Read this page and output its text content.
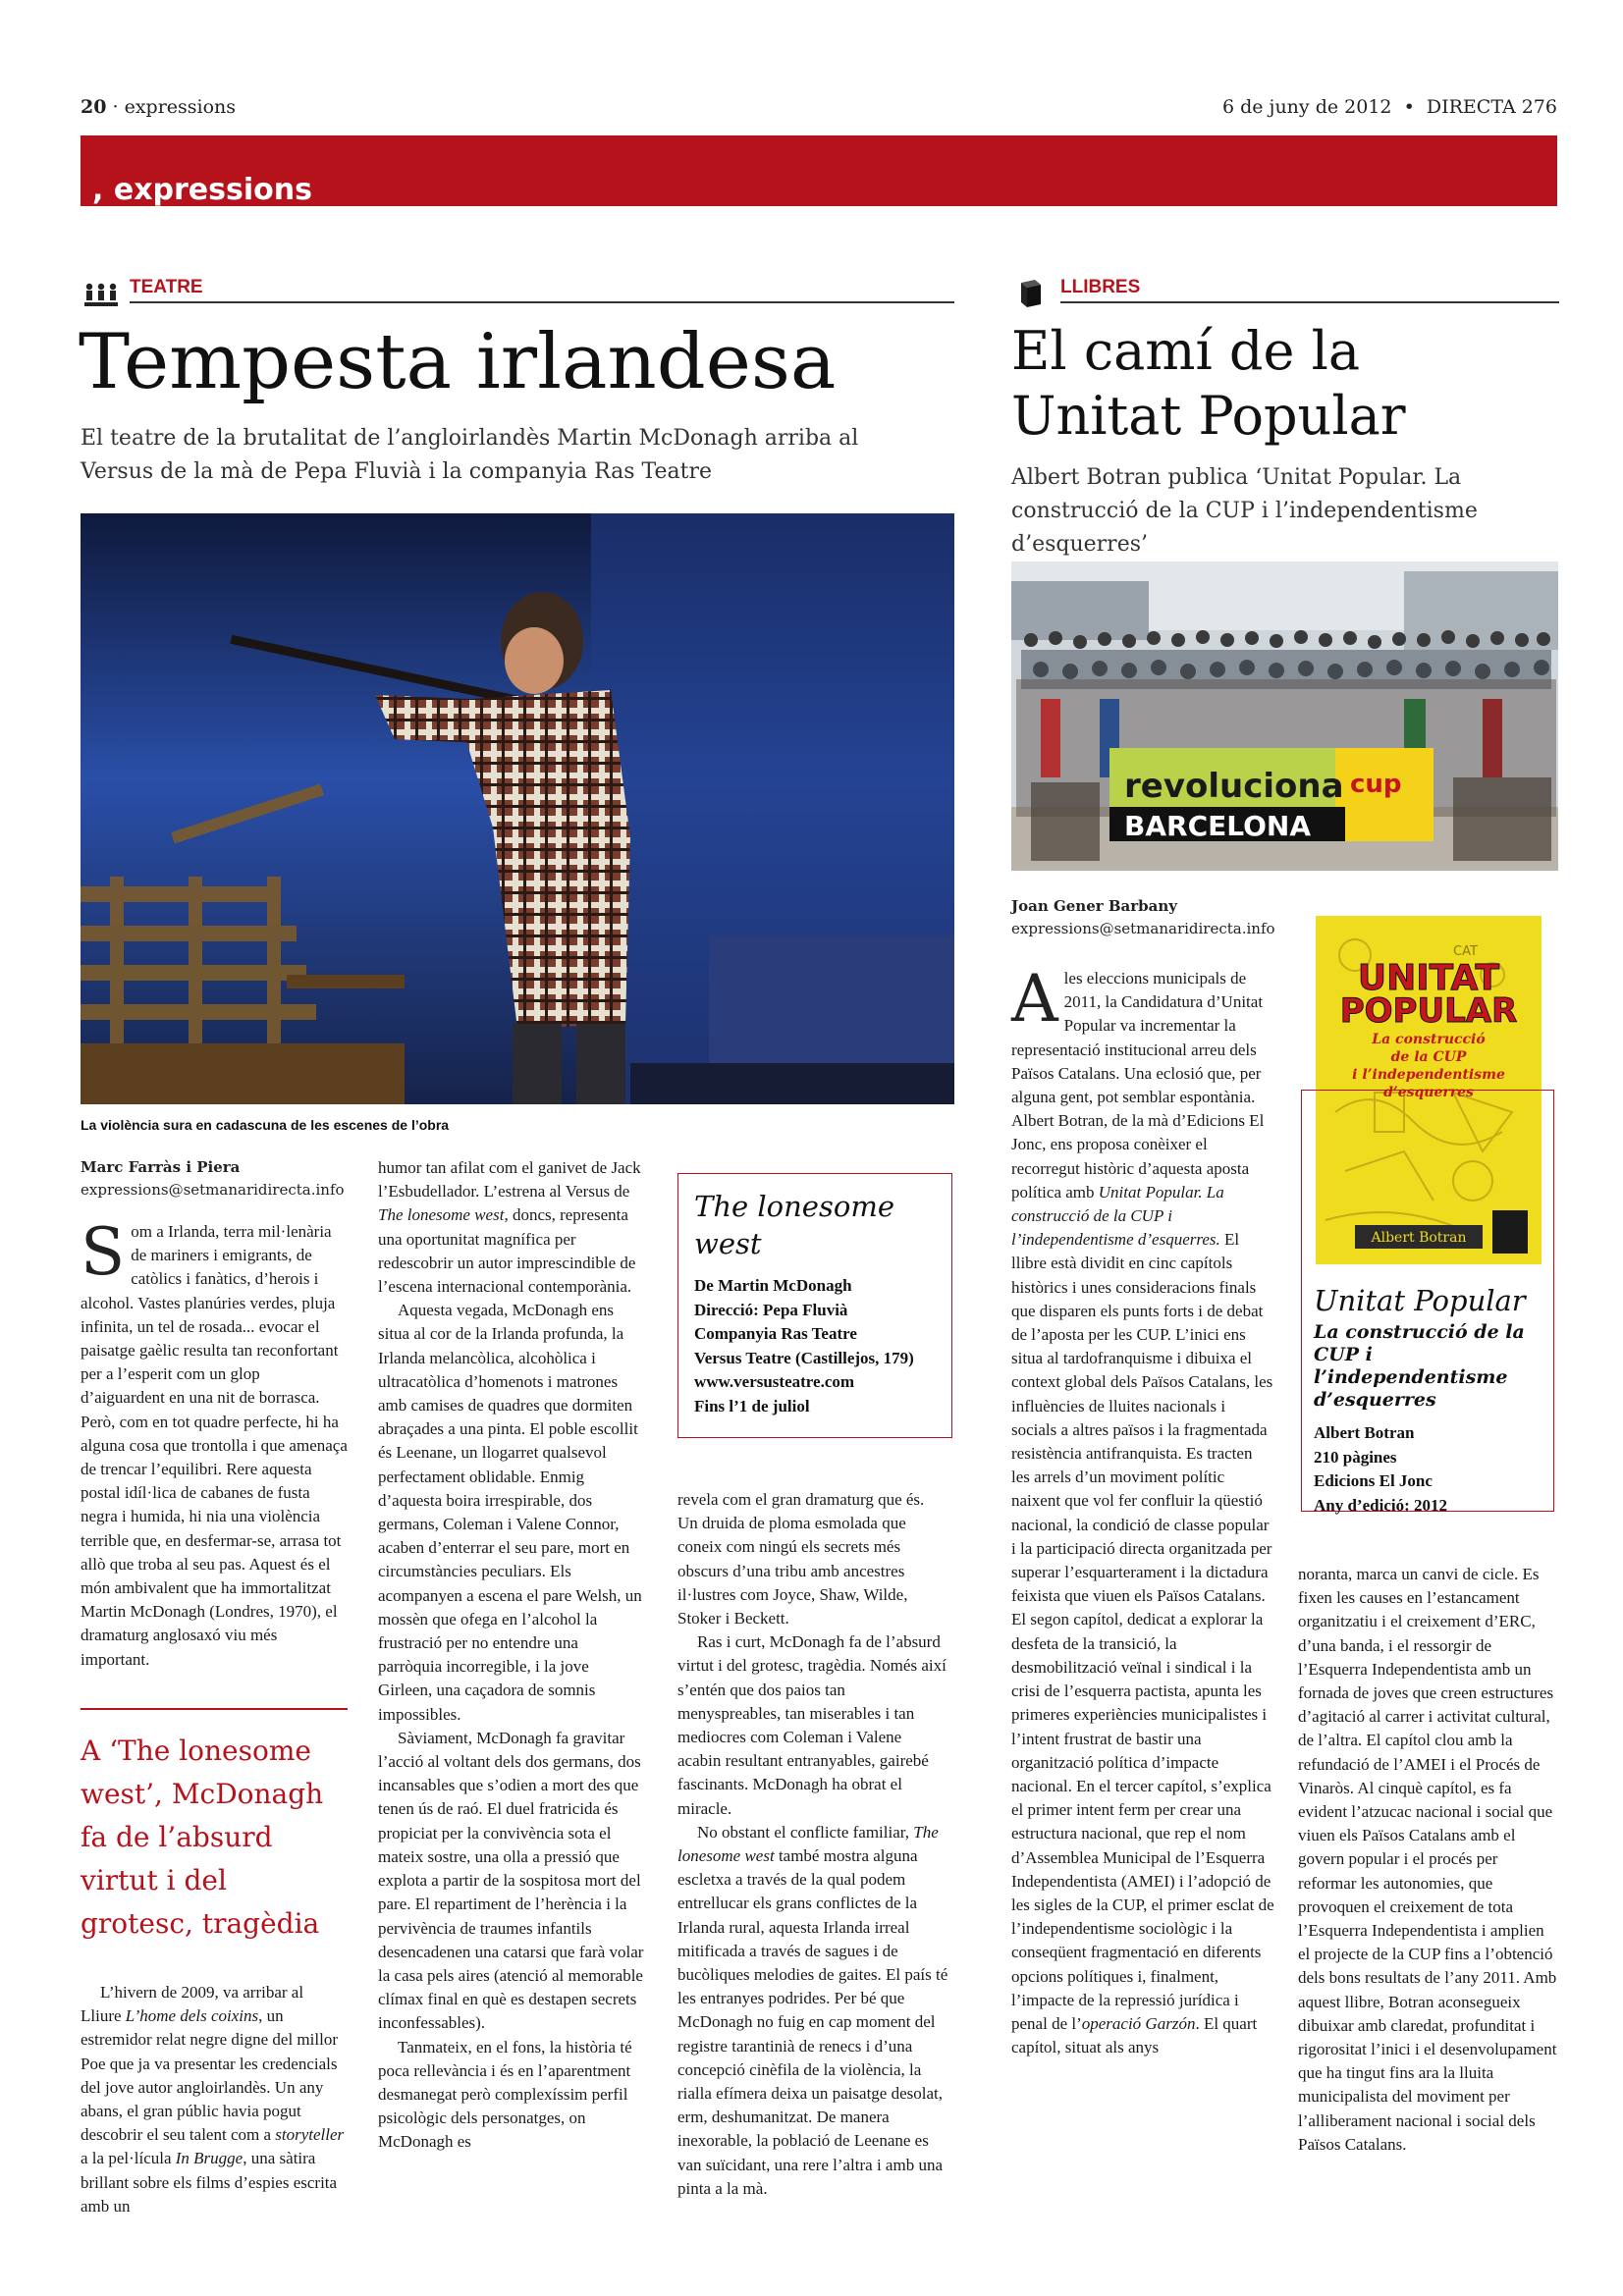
20 · expressions	6 de juny de 2012  •  DIRECTA 276
, expressions
TEATRE
Tempesta irlandesa

El teatre de la brutalitat de l’angloirlandès Martin McDonagh arriba al Versus de la mà de Pepa Fluvià i la companyia Ras Teatre

La violència sura en cadascuna de les escenes de l’obra
Marc Farràs i Piera
expressions@setmanaridirecta.info
Som a Irlanda, terra mil·lenària de mariners i emigrants, de catòlics i fanàtics, d’herois i alcohol. Vastes planúries verdes, pluja infinita, un tel de rosada... evocar el paisatge gaèlic resulta tan reconfortant per a l’esperit com un glop d’aiguardent en una nit de borrasca. Però, com en tot quadre perfecte, hi ha alguna cosa que trontolla i que amenaça de trencar l’equilibri. Rere aquesta postal idíl·lica de cabanes de fusta negra i humida, hi nia una violència terrible que, en desfermar-se, arrasa tot allò que troba al seu pas. Aquest és el món ambivalent que ha immortalitzat Martin McDonagh (Londres, 1970), el dramaturg anglosaxó viu més important.
A ‘The lonesome west’, McDonagh fa de l’absurd virtut i del grotesc, tragèdia

L’hivern de 2009, va arribar al Lliure L’home dels coixins, un estremidor relat negre digne del millor Poe que ja va presentar les credencials del jove autor angloirlandès. Un any abans, el gran públic havia pogut descobrir el seu talent com a storyteller a la pel·lícula In Bruggе, una sàtira brillant sobre els films d’espies escrita amb un

humor tan afilat com el ganivet de Jack l’Esbudellador. L’estrena al Versus de The lonesome west, doncs, representa una oportunitat magnífica per redescobrir un autor imprescindible de l’escena internacional contemporània.

Aquesta vegada, McDonagh ens situa al cor de la Irlanda profunda, la Irlanda melancòlica, alcohòlica i ultracatòlica d’homenots i matrones amb camises de quadres que dormiten abraçades a una pinta. El poble escollit és Leenane, un llogarret qualsevol perfectament oblidable. Enmig d’aquesta boira irrespirable, dos germans, Coleman i Valene Connor, acaben d’enterrar el seu pare, mort en circumstàncies peculiars. Els acompanyen a escena el pare Welsh, un mossèn que ofega en l’alcohol la frustració per no entendre una parròquia incorregible, i la jove Girleen, una caçadora de somnis impossibles.

Sàviament, McDonagh fa gravitar l’acció al voltant dels dos germans, dos incansables que s’odien a mort des que tenen ús de raó. El duel fratricida és propiciat per la convivència sota el mateix sostre, una olla a pressió que explota a partir de la sospitosa mort del pare. El repartiment de l’herència i la pervivència de traumes infantils desencadenen una catarsi que farà volar la casa pels aires (atenció al memorable clímax final en què es destapen secrets inconfessables).

Tanmateix, en el fons, la història té poca rellevància i és en l’aparentment desmanegat però complexíssim perfil psicològic dels personatges, on McDonagh es

The lonesome west
De Martin McDonagh
Direcció: Pepa Fluvià
Companyia Ras Teatre
Versus Teatre (Castillejos, 179)
www.versusteatre.com
Fins l’1 de juliol

revela com el gran dramaturg que és. Un druida de ploma esmolada que coneix com ningú els secrets més obscurs d’una tribu amb ancestres il·lustres com Joyce, Shaw, Wilde, Stoker i Beckett.

Ras i curt, McDonagh fa de l’absurd virtut i del grotesc, tragèdia. Només així s’entén que dos paios tan menyspreables, tan miserables i tan mediocres com Coleman i Valene acabin resultant entranyables, gairebé fascinants. McDonagh ha obrat el miracle.

No obstant el conflicte familiar, The lonesome west també mostra alguna escletxa a través de la qual podem entrellucar els grans conflictes de la Irlanda rural, aquesta Irlanda irreal mitificada a través de sagues i de bucòliques melodies de gaites. El país té les entranyes podrides. Per bé que McDonagh no fuig en cap moment del registre tarantinià de renecs i d’una concepció cinèfila de la violència, la rialla efímera deixa un paisatge desolat, erm, deshumanitzat. De manera inexorable, la població de Leenane es van suïcidant, una rere l’altra i amb una pinta a la mà.

LLIBRES
El camí de la
Unitat Popular

Albert Botran publica ‘Unitat Popular. La construcció de la CUP i l’independentisme d’esquerres’

revoluciona
BARCELONA
cup
Joan Gener Barbany
expressions@setmanaridirecta.info
CAT
UNITAT
POPULAR
La construcció
de la CUP
i l’independentisme
d’esquerres
Albert Botran
Unitat Popular
La construcció de la CUP i l’independentisme d’esquerres
Albert Botran
210 pàgines
Edicions El Jonc
Any d’edició: 2012
Ales eleccions municipals de 2011, la Candidatura d’Unitat Popular va incrementar la representació institucional arreu dels Països Catalans. Una eclosió que, per alguna gent, pot semblar espontània. Albert Botran, de la mà d’Edicions El Jonc, ens proposa conèixer el recorregut històric d’aquesta aposta política amb Unitat Popular. La construcció de la CUP i l’independentisme d’esquerres. El llibre està dividit en cinc capítols històrics i unes consideracions finals que disparen els punts forts i de debat de l’aposta per les CUP. L’inici ens situa al tardofranquisme i dibuixa el context global dels Països Catalans, les influències de lluites nacionals i socials a altres països i la fragmentada resistència antifranquista. Es tracten les arrels d’un moviment polític naixent que vol fer confluir la qüestió nacional, la condició de classe popular i la participació directa organitzada per superar l’esquarterament i la dictadura feixista que viuen els Països Catalans. El segon capítol, dedicat a explorar la desfeta de la transició, la desmobilització veïnal i sindical i la crisi de l’esquerra pactista, apunta les primeres experiències municipalistes i l’intent frustrat de bastir una organització política d’impacte nacional. En el tercer capítol, s’explica el primer intent ferm per crear una estructura nacional, que rep el nom d’Assemblea Municipal de l’Esquerra Independentista (AMEI) i l’adopció de les sigles de la CUP, el primer esclat de l’independentisme sociològic i la conseqüent fragmentació en diferents opcions polítiques i, finalment, l’impacte de la repressió jurídica i penal de l’operació Garzón. El quart capítol, situat als anys

noranta, marca un canvi de cicle. Es fixen les causes en l’estancament organitzatiu i el creixement d’ERC, d’una banda, i el ressorgir de l’Esquerra Independentista amb un fornada de joves que creen estructures d’agitació al carrer i activitat cultural, de l’altra. El capítol clou amb la refundació de l’AMEI i el Procés de Vinaròs. Al cinquè capítol, es fa evident l’atzucac nacional i social que viuen els Països Catalans amb el govern popular i el procés per reformar les autonomies, que provoquen el creixement de tota l’Esquerra Independentista i amplien el projecte de la CUP fins a l’obtenció dels bons resultats de l’any 2011. Amb aquest llibre, Botran aconsegueix dibuixar amb claredat, profunditat i rigorositat l’inici i el desenvolupament que ha tingut fins ara la lluita municipalista del moviment per l’alliberament nacional i social dels Països Catalans.
